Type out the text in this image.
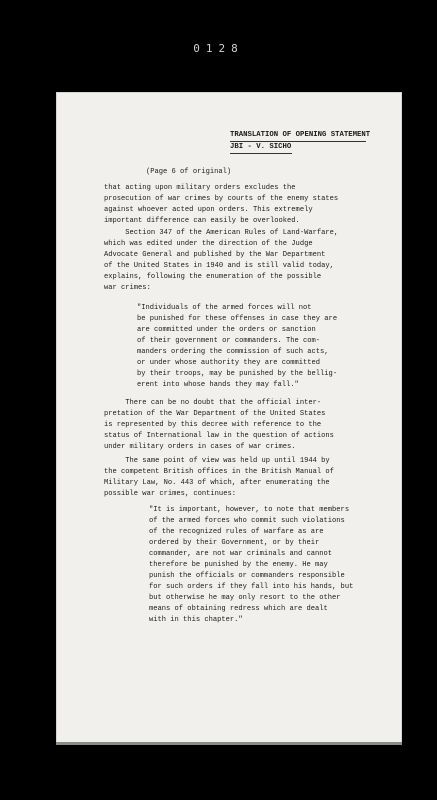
0128
TRANSLATION OF OPENING STATEMENT
JBI - V. SICHO
(Page 6 of original)
that acting upon military orders excludes the
prosecution of war crimes by courts of the enemy states
against whoever acted upon orders. This extremely
important difference can easily be overlooked.
Section 347 of the American Rules of Land-Warfare,
which was edited under the direction of the Judge
Advocate General and published by the War Department
of the United States in 1940 and is still valid today,
explains, following the enumeration of the possible
war crimes:
"Individuals of the armed forces will not
be punished for these offenses in case they are
are committed under the orders or sanction
of their government or commanders. The com-
manders ordering the commission of such acts,
or under whose authority they are committed
by their troops, may be punished by the bellig-
erent into whose hands they may fall."
There can be no doubt that the official inter-
pretation of the War Department of the United States
is represented by this decree with reference to the
status of International law in the question of actions
under military orders in cases of war crimes.
The same point of view was held up until 1944 by
the competent British offices in the British Manual of
Military Law, No. 443 of which, after enumerating the
possible war crimes, continues:
"It is important, however, to note that members
of the armed forces who commit such violations
of the recognized rules of warfare as are
ordered by their Government, or by their
commander, are not war criminals and cannot
therefore be punished by the enemy. He may
punish the officials or commanders responsible
for such orders if they fall into his hands, but
but otherwise he may only resort to the other
means of obtaining redress which are dealt
with in this chapter."
